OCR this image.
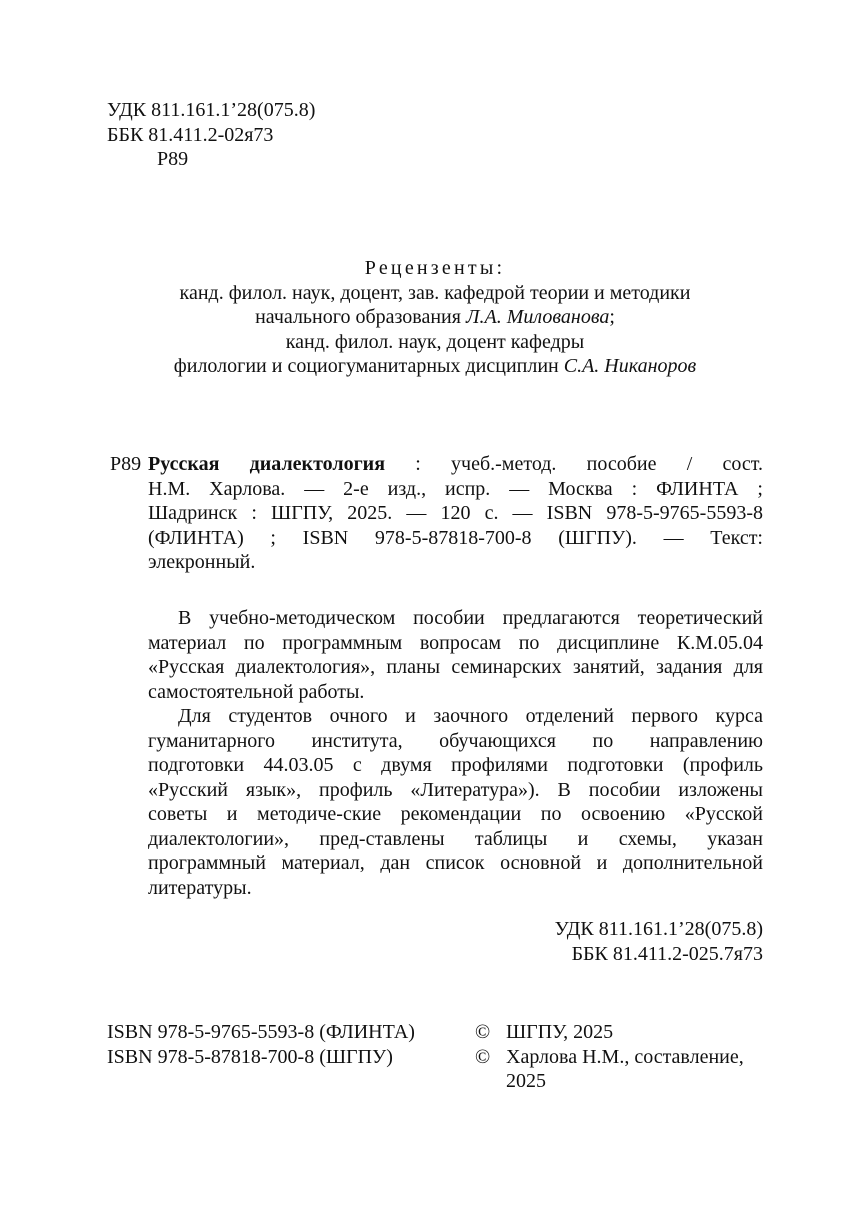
УДК 811.161.1’28(075.8)
ББК 81.411.2-02я73
Р89
Рецензенты:
канд. филол. наук, доцент, зав. кафедрой теории и методики
начального образования Л.А. Милованова;
канд. филол. наук, доцент кафедры
филологии и социогуманитарных дисциплин С.А. Никаноров
Р89 Русская диалектология : учеб.-метод. пособие / сост.
Н.М. Харлова. — 2-е изд., испр. — Москва : ФЛИНТА ;
Шадринск : ШГПУ, 2025. — 120 с. — ISBN 978-5-9765-5593-8
(ФЛИНТА) ; ISBN 978-5-87818-700-8 (ШГПУ). — Текст:
элекронный.
В учебно-методическом пособии предлагаются теоретический
материал по программным вопросам по дисциплине К.М.05.04
«Русская диалектология», планы семинарских занятий, задания для
самостоятельной работы.
Для студентов очного и заочного отделений первого курса
гуманитарного института, обучающихся по направлению
подготовки 44.03.05 с двумя профилями подготовки (профиль
«Русский язык», профиль «Литература»). В пособии изложены
советы и методиче-ские рекомендации по освоению «Русской
диалектологии», пред-ставлены таблицы и схемы, указан
программный материал, дан список основной и дополнительной
литературы.
УДК 811.161.1’28(075.8)
ББК 81.411.2-025.7я73
ISBN 978-5-9765-5593-8 (ФЛИНТА)
ISBN 978-5-87818-700-8 (ШГПУ)
© ШГПУ, 2025
© Харлова Н.М., составление,
2025
